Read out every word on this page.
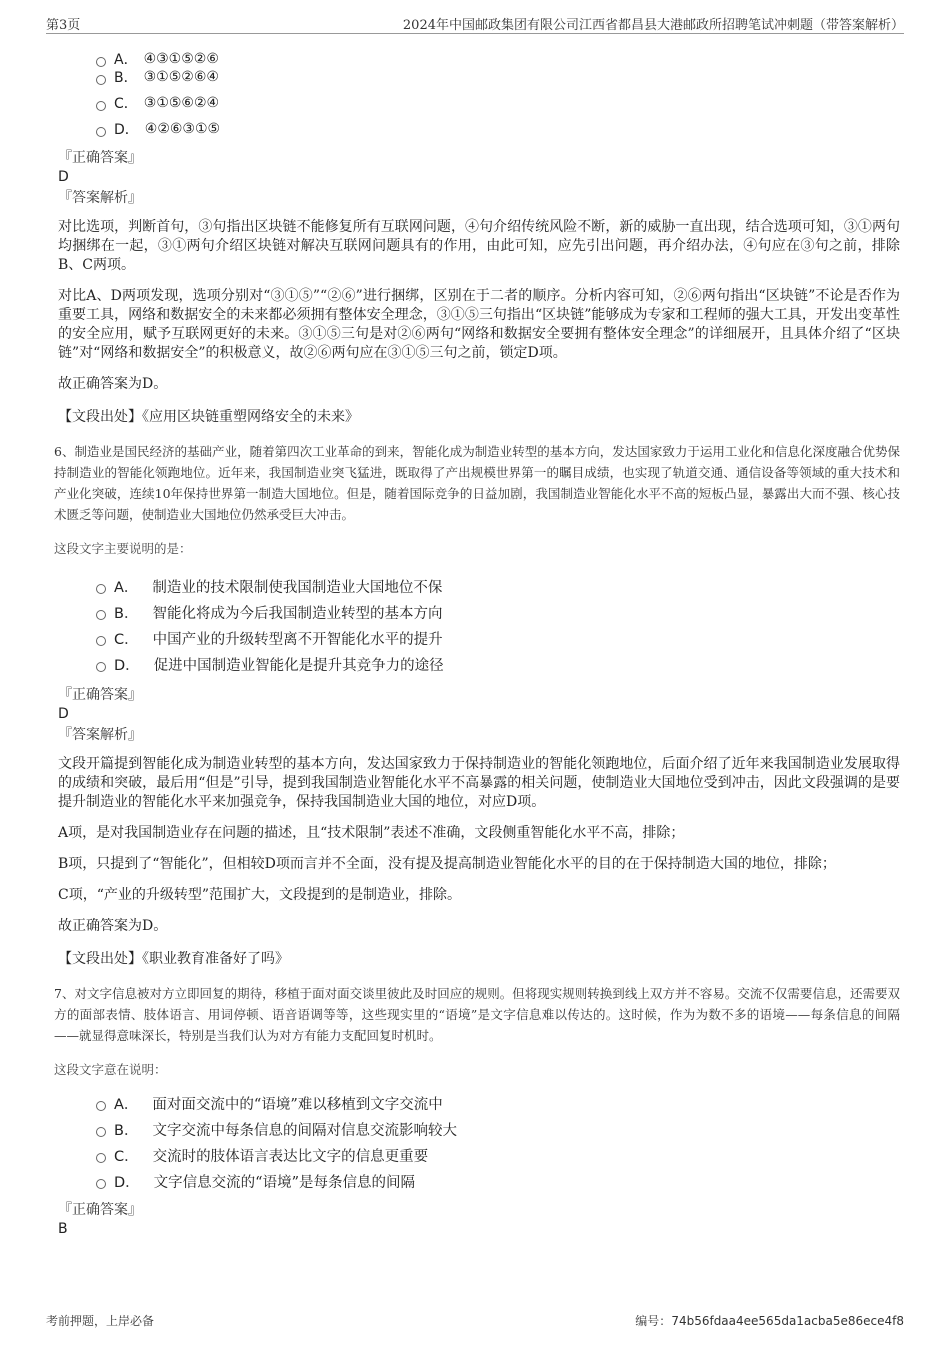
第3页	2024年中国邮政集团有限公司江西省都昌县大港邮政所招聘笔试冲刺题（带答案解析）
A． ④③①⑤②⑥
B． ③①⑤②⑥④
C． ③①⑤⑥②④
D． ④②⑥③①⑤
『正确答案』
D
『答案解析』

对比选项，判断首句，③句指出区块链不能修复所有互联网问题，④句介绍传统风险不断，新的威胁一直出现，结合选项可知，③①两句均捆绑在一起，③①两句介绍区块链对解决互联网问题具有的作用，由此可知，应先引出问题，再介绍办法，④句应在③句之前，排除B、C两项。

对比A、D两项发现，选项分别对“③①⑤”“②⑥”进行捆绑，区别在于二者的顺序。分析内容可知，②⑥两句指出“区块链”不论是否作为重要工具，网络和数据安全的未来都必须拥有整体安全理念，③①⑤三句指出“区块链”能够成为专家和工程师的强大工具，开发出变革性的安全应用，赋予互联网更好的未来。③①⑤三句是对②⑥两句“网络和数据安全要拥有整体安全理念”的详细展开，且具体介绍了“区块链”对“网络和数据安全”的积极意义，故②⑥两句应在③①⑤三句之前，锁定D项。

故正确答案为D。

【文段出处】《应用区块链重塑网络安全的未来》

6、制造业是国民经济的基础产业，随着第四次工业革命的到来，智能化成为制造业转型的基本方向，发达国家致力于运用工业化和信息化深度融合优势保持制造业的智能化领跑地位。近年来，我国制造业突飞猛进，既取得了产出规模世界第一的瞩目成绩，也实现了轨道交通、通信设备等领域的重大技术和产业化突破，连续10年保持世界第一制造大国地位。但是，随着国际竞争的日益加剧，我国制造业智能化水平不高的短板凸显，暴露出大而不强、核心技术匮乏等问题，使制造业大国地位仍然承受巨大冲击。

这段文字主要说明的是：

A． 制造业的技术限制使我国制造业大国地位不保
B． 智能化将成为今后我国制造业转型的基本方向
C． 中国产业的升级转型离不开智能化水平的提升
D． 促进中国制造业智能化是提升其竞争力的途径
『正确答案』
D
『答案解析』

文段开篇提到智能化成为制造业转型的基本方向，发达国家致力于保持制造业的智能化领跑地位，后面介绍了近年来我国制造业发展取得的成绩和突破，最后用“但是”引导，提到我国制造业智能化水平不高暴露的相关问题，使制造业大国地位受到冲击，因此文段强调的是要提升制造业的智能化水平来加强竞争，保持我国制造业大国的地位，对应D项。

A项，是对我国制造业存在问题的描述，且“技术限制”表述不准确，文段侧重智能化水平不高，排除；

B项，只提到了“智能化”，但相较D项而言并不全面，没有提及提高制造业智能化水平的目的在于保持制造大国的地位，排除；

C项，“产业的升级转型”范围扩大，文段提到的是制造业，排除。

故正确答案为D。

【文段出处】《职业教育准备好了吗》

7、对文字信息被对方立即回复的期待，移植于面对面交谈里彼此及时回应的规则。但将现实规则转换到线上双方并不容易。交流不仅需要信息，还需要双方的面部表情、肢体语言、用词停顿、语音语调等等，这些现实里的“语境”是文字信息难以传达的。这时候，作为为数不多的语境——每条信息的间隔——就显得意味深长，特别是当我们认为对方有能力支配回复时机时。

这段文字意在说明：

A． 面对面交流中的“语境”难以移植到文字交流中
B． 文字交流中每条信息的间隔对信息交流影响较大
C． 交流时的肢体语言表达比文字的信息更重要
D． 文字信息交流的“语境”是每条信息的间隔
『正确答案』
B
考前押题，上岸必备	编号：74b56fdaa4ee565da1acba5e86ece4f8
